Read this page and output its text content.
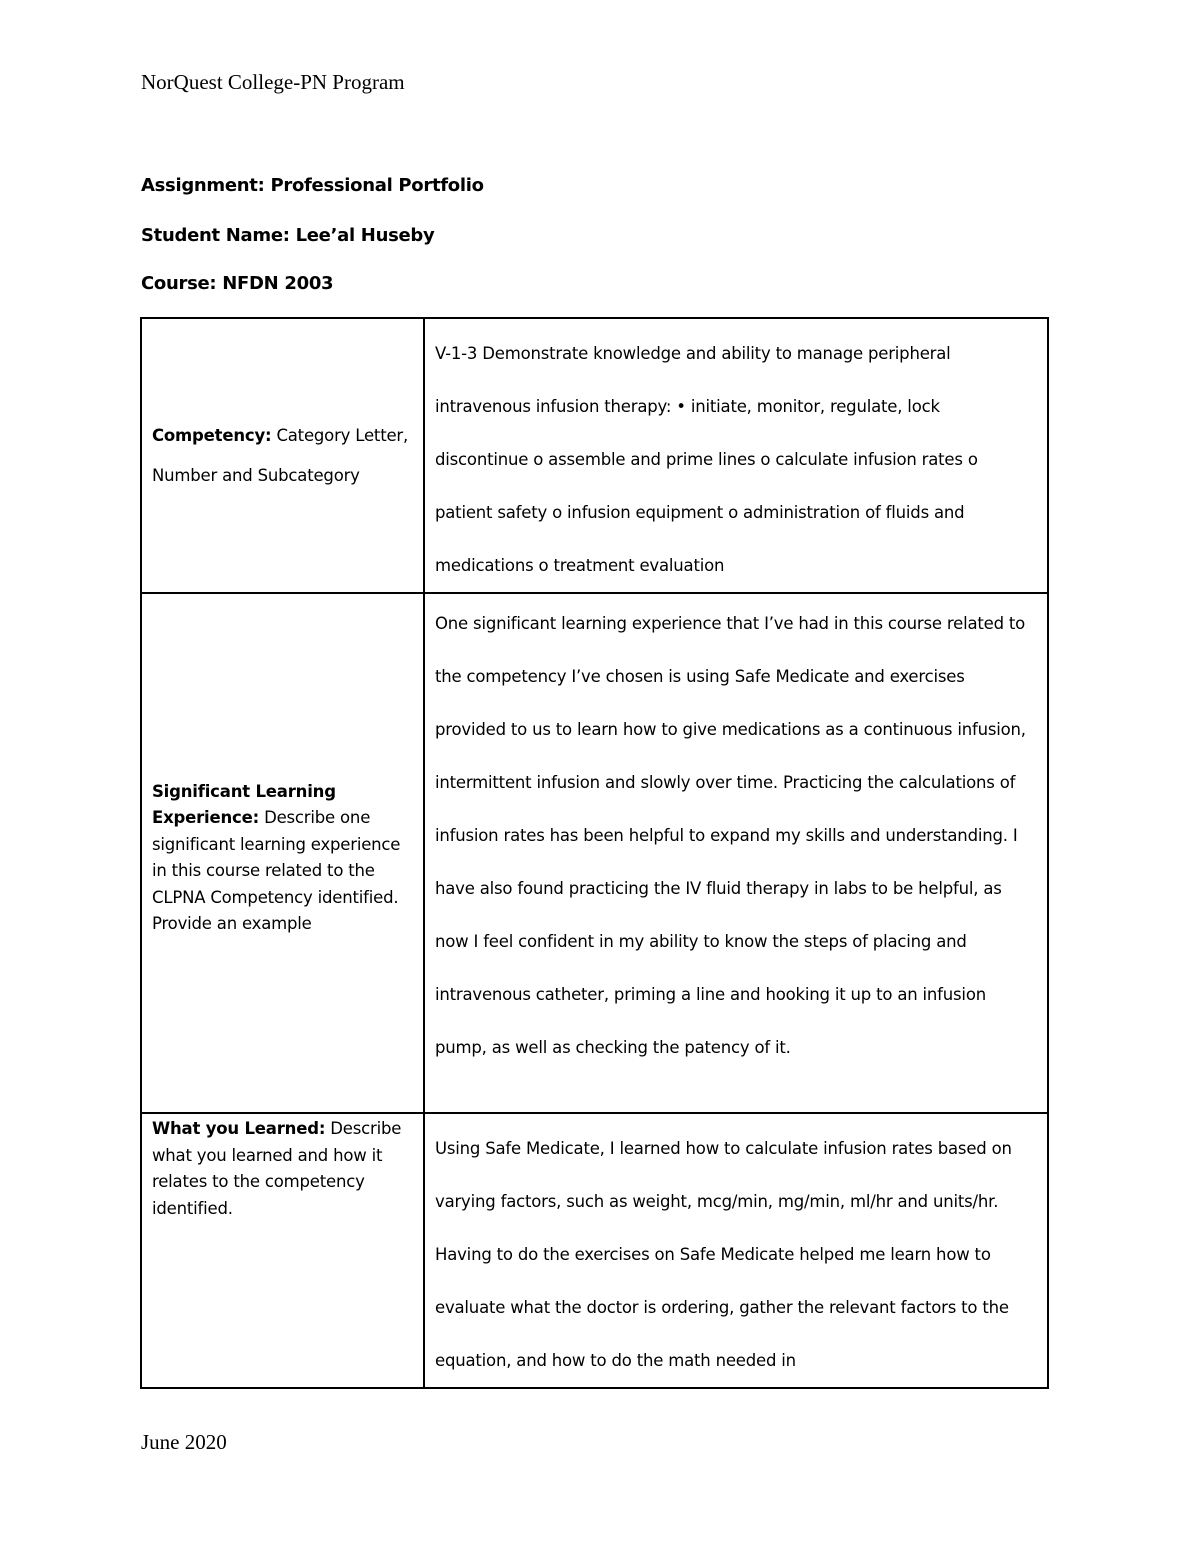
NorQuest College-PN Program
Assignment: Professional Portfolio
Student Name: Lee’al Huseby
Course: NFDN 2003
Competency: Category Letter, Number and Subcategory	V-1-3 Demonstrate knowledge and ability to manage peripheral intravenous infusion therapy: • initiate, monitor, regulate, lock discontinue o assemble and prime lines o calculate infusion rates o patient safety o infusion equipment o administration of fluids and medications o treatment evaluation

Significant Learning Experience: Describe one significant learning experience in this course related to the CLPNA Competency identified. Provide an example	One significant learning experience that I’ve had in this course related to the competency I’ve chosen is using Safe Medicate and exercises provided to us to learn how to give medications as a continuous infusion, intermittent infusion and slowly over time. Practicing the calculations of infusion rates has been helpful to expand my skills and understanding. I have also found practicing the IV fluid therapy in labs to be helpful, as now I feel confident in my ability to know the steps of placing and intravenous catheter, priming a line and hooking it up to an infusion pump, as well as checking the patency of it.

What you Learned: Describe what you learned and how it relates to the competency identified.	Using Safe Medicate, I learned how to calculate infusion rates based on varying factors, such as weight, mcg/min, mg/min, ml/hr and units/hr. Having to do the exercises on Safe Medicate helped me learn how to evaluate what the doctor is ordering, gather the relevant factors to the equation, and how to do the math needed in
June 2020
